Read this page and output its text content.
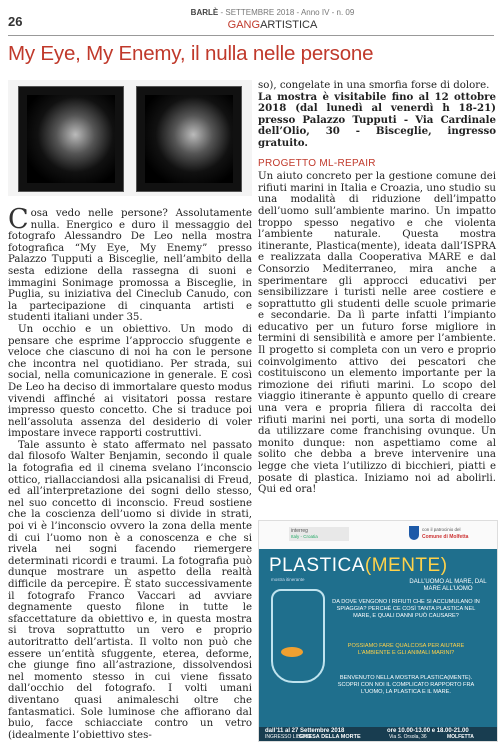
26
BARLÈ - SETTEMBRE 2018 - Anno IV - n. 09
GANGARTISTICA
My Eye, My Enemy, il nulla nelle persone

Cosa vedo nelle persone? Assolutamente nulla. Energico e duro il messaggio del fotografo Alessandro De Leo nella mostra fotografica “My Eye, My Enemy” presso Palazzo Tupputi a Bisceglie, nell’ambito della sesta edizione della rassegna di suoni e immagini Sonimage promossa a Bisceglie, in Puglia, su iniziativa del Cineclub Canudo, con la partecipazione di cinquanta artisti e studenti italiani under 35.

Un occhio e un obiettivo. Un modo di pensare che esprime l’approccio sfuggente e veloce che ciascuno di noi ha con le persone che incontra nel quotidiano. Per strada, sui social, nella comunicazione in generale. E così De Leo ha deciso di immortalare questo modus vivendi affinché ai visitatori possa restare impresso questo concetto. Che si traduce poi nell’assoluta assenza del desiderio di voler impostare invece rapporti costruttivi.

Tale assunto è stato affermato nel passato dal filosofo Walter Benjamin, secondo il quale la fotografia ed il cinema svelano l’inconscio ottico, riallacciandosi alla psicanalisi di Freud, ed all’interpretazione dei sogni dello stesso, nel suo concetto di inconscio. Freud sostiene che la coscienza dell’uomo si divide in strati, poi vi è l’inconscio ovvero la zona della mente di cui l’uomo non è a conoscenza e che si rivela nei sogni facendo riemergere determinati ricordi e traumi. La fotografia può dunque mostrare un aspetto della realtà difficile da percepire. È stato successivamente il fotografo Franco Vaccari ad avviare degnamente questo filone in tutte le sfaccettature da obiettivo e, in questa mostra si trova soprattutto un vero e proprio autoritratto dell’artista. Il volto non può che essere un’entità sfuggente, eterea, deforme, che giunge fino all’astrazione, dissolvendosi nel momento stesso in cui viene fissato dall’occhio del fotografo. I volti umani diventano quasi animaleschi oltre che fantasmatici. Sole luminose che affiorano dal buio, facce schiacciate contro un vetro (idealmente l’obiettivo stes-

so), congelate in una smorfia forse di dolore.

La mostra è visitabile fino al 12 ottobre 2018 (dal lunedì al venerdì h 18-21) presso Palazzo Tupputi - Via Cardinale dell’Olio, 30 - Bisceglie, ingresso gratuito.

PROGETTO ML-REPAIR

Un aiuto concreto per la gestione comune dei rifiuti marini in Italia e Croazia, uno studio su una modalità di riduzione dell’impatto dell’uomo sull’ambiente marino. Un impatto troppo spesso negativo e che violenta l’ambiente naturale. Questa mostra itinerante, Plastica(mente), ideata dall’ISPRA e realizzata dalla Cooperativa MARE e dal Consorzio Mediterraneo, mira anche a sperimentare gli approcci educativi per sensibilizzare i turisti nelle aree costiere e soprattutto gli studenti delle scuole primarie e secondarie. Da lì parte infatti l’impianto educativo per un futuro forse migliore in termini di sensibilità e amore per l’ambiente. Il progetto si completa con un vero e proprio coinvolgimento attivo dei pescatori che costituiscono un elemento importante per la rimozione dei rifiuti marini. Lo scopo del viaggio itinerante è appunto quello di creare una vera e propria filiera di raccolta dei rifiuti marini nei porti, una sorta di modello da utilizzare come franchising ovunque. Un monito dunque: non aspettiamo come al solito che debba a breve intervenire una legge che vieta l’utilizzo di bicchieri, piatti e posate di plastica. Iniziamo noi ad abolirli. Qui ed ora!

interreg
Italy - Croatia
con il patrocinio del
Comune di Molfetta
PLASTICA(MENTE)
mostra itinerante	DALL’UOMO AL MARE, DAL MARE ALL’UOMO
DA DOVE VENGONO I RIFIUTI CHE SI ACCUMULANO IN SPIAGGIA? PERCHÉ CE COSÌ TANTA PLASTICA NEL MARE, E QUALI DANNI PUÒ CAUSARE?
POSSIAMO FARE QUALCOSA PER AIUTARE L’AMBIENTE E GLI ANIMALI MARINI?
BENVENUTO NELLA MOSTRA PLASTICA(MENTE). SCOPRI CON NOI IL COMPLICATO RAPPORTO FRA L’UOMO, LA PLASTICA E IL MARE.
dall’11 al 27 Settembre 2018	ore 10.00-13.00 e 18.00-21.00
INGRESSO LIBERO
CHIESA DELLA MORTE	Via S. Orsola, 36	MOLFETTA
